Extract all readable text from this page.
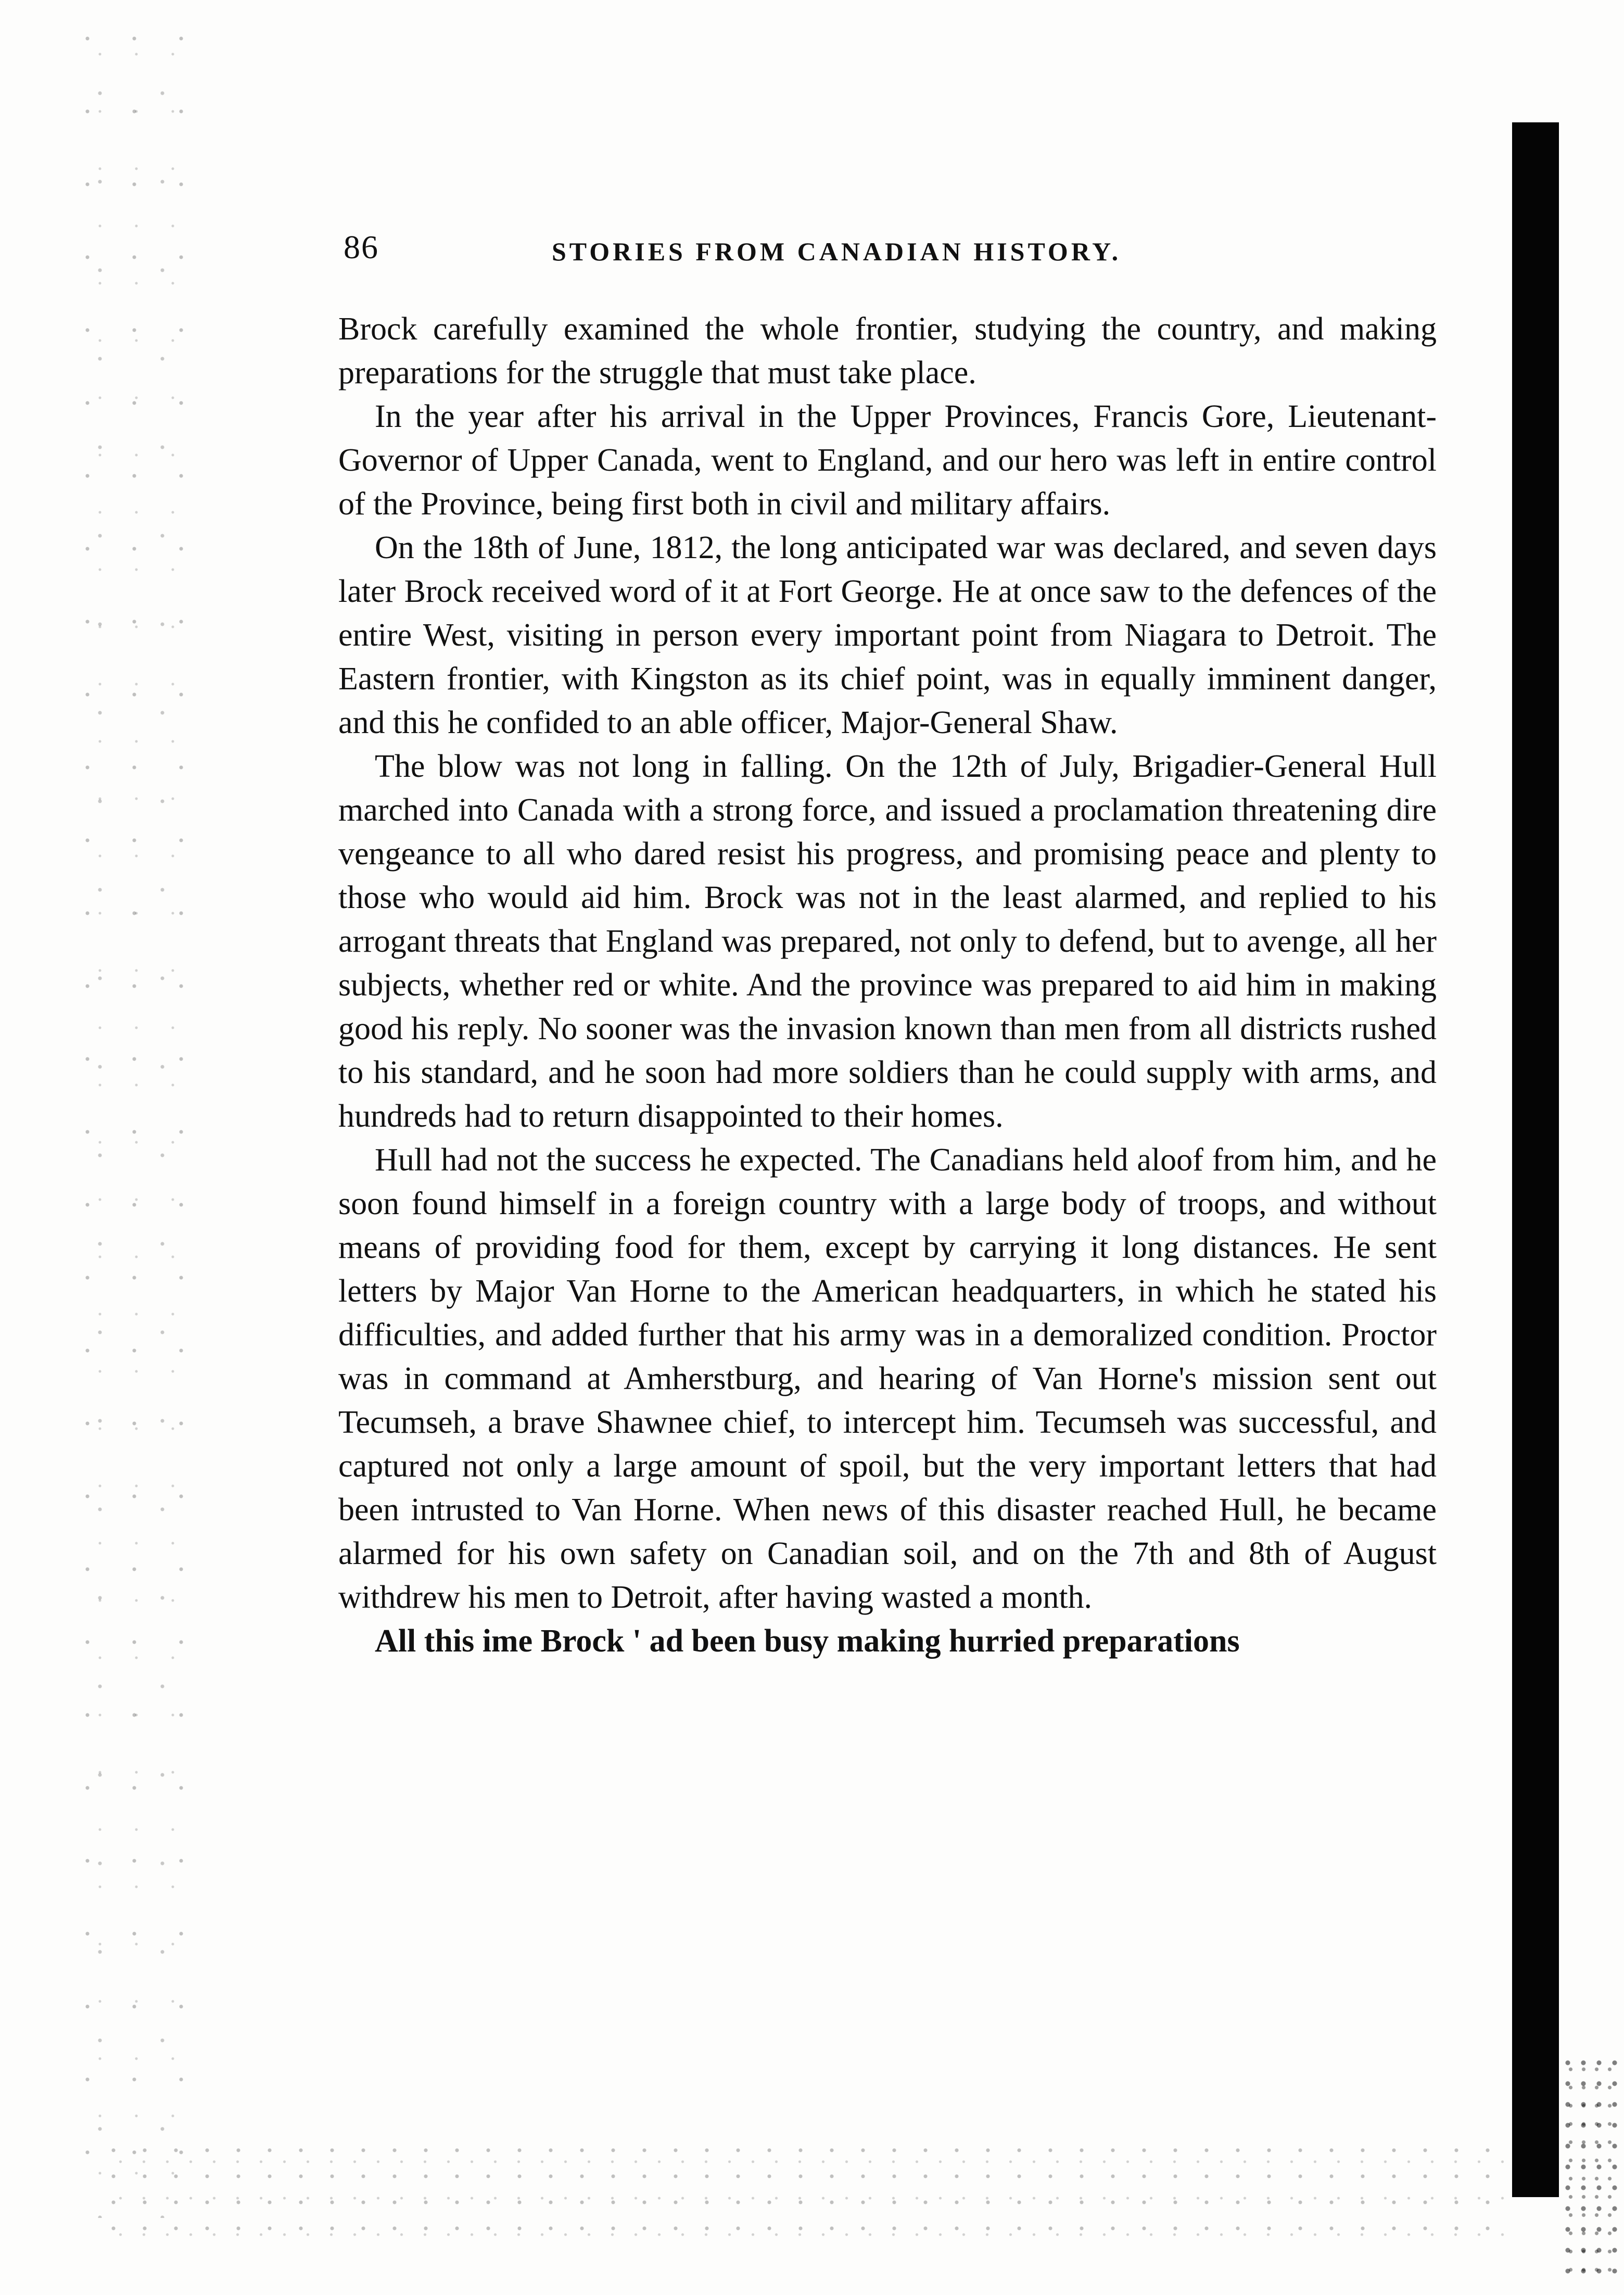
86	STORIES FROM CANADIAN HISTORY.

Brock carefully examined the whole frontier, studying the country, and making preparations for the struggle that must take place.

In the year after his arrival in the Upper Provinces, Francis Gore, Lieutenant-Governor of Upper Canada, went to England, and our hero was left in entire control of the Province, being first both in civil and military affairs.

On the 18th of June, 1812, the long anticipated war was declared, and seven days later Brock received word of it at Fort George. He at once saw to the defences of the entire West, visiting in person every important point from Niagara to Detroit. The Eastern frontier, with Kingston as its chief point, was in equally imminent danger, and this he confided to an able officer, Major-General Shaw.

The blow was not long in falling. On the 12th of July, Brigadier-General Hull marched into Canada with a strong force, and issued a proclamation threatening dire vengeance to all who dared resist his progress, and promising peace and plenty to those who would aid him. Brock was not in the least alarmed, and replied to his arrogant threats that England was prepared, not only to defend, but to avenge, all her subjects, whether red or white. And the province was prepared to aid him in making good his reply. No sooner was the invasion known than men from all districts rushed to his standard, and he soon had more soldiers than he could supply with arms, and hundreds had to return disappointed to their homes.

Hull had not the success he expected. The Canadians held aloof from him, and he soon found himself in a foreign country with a large body of troops, and without means of providing food for them, except by carrying it long distances. He sent letters by Major Van Horne to the American headquarters, in which he stated his difficulties, and added further that his army was in a demoralized condition. Proctor was in command at Amherstburg, and hearing of Van Horne's mission sent out Tecumseh, a brave Shawnee chief, to intercept him. Tecumseh was successful, and captured not only a large amount of spoil, but the very important letters that had been intrusted to Van Horne. When news of this disaster reached Hull, he became alarmed for his own safety on Canadian soil, and on the 7th and 8th of August withdrew his men to Detroit, after having wasted a month.

All this ime Brock ' ad been busy making hurried preparations
